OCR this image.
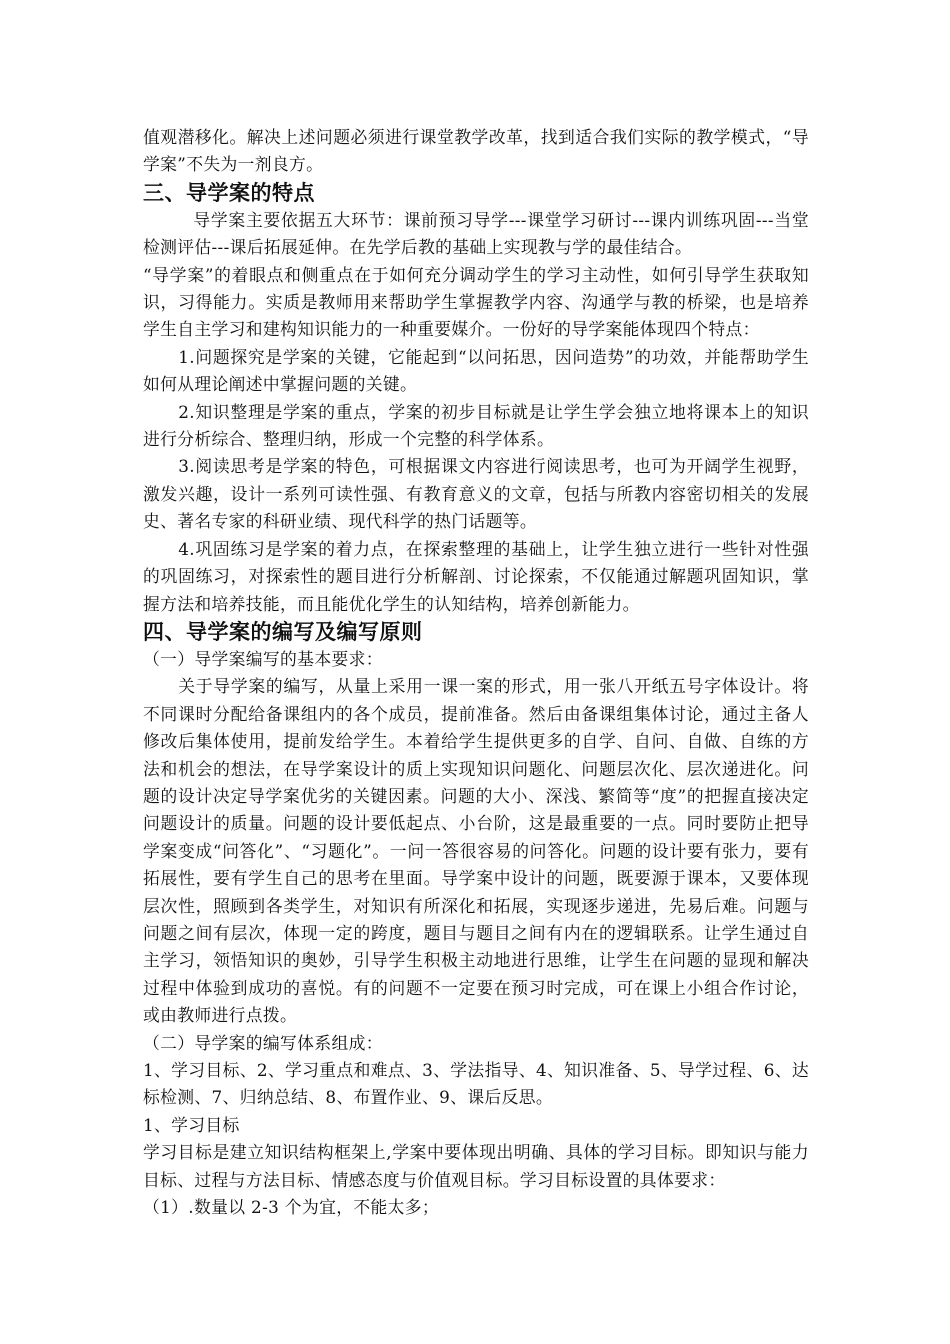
值观潜移化。解决上述问题必须进行课堂教学改革，找到适合我们实际的教学模式，“导学案”不失为一剂良方。

三、导学案的特点

导学案主要依据五大环节：课前预习导学---课堂学习研讨---课内训练巩固---当堂检测评估---课后拓展延伸。在先学后教的基础上实现教与学的最佳结合。

“导学案”的着眼点和侧重点在于如何充分调动学生的学习主动性，如何引导学生获取知识，习得能力。实质是教师用来帮助学生掌握教学内容、沟通学与教的桥梁，也是培养学生自主学习和建构知识能力的一种重要媒介。一份好的导学案能体现四个特点：

1.问题探究是学案的关键，它能起到“以问拓思，因问造势”的功效，并能帮助学生如何从理论阐述中掌握问题的关键。

2.知识整理是学案的重点，学案的初步目标就是让学生学会独立地将课本上的知识进行分析综合、整理归纳，形成一个完整的科学体系。

3.阅读思考是学案的特色，可根据课文内容进行阅读思考，也可为开阔学生视野，激发兴趣，设计一系列可读性强、有教育意义的文章，包括与所教内容密切相关的发展史、著名专家的科研业绩、现代科学的热门话题等。

4.巩固练习是学案的着力点，在探索整理的基础上，让学生独立进行一些针对性强的巩固练习，对探索性的题目进行分析解剖、讨论探索，不仅能通过解题巩固知识，掌握方法和培养技能，而且能优化学生的认知结构，培养创新能力。

四、导学案的编写及编写原则

（一）导学案编写的基本要求：

关于导学案的编写，从量上采用一课一案的形式，用一张八开纸五号字体设计。将不同课时分配给备课组内的各个成员，提前准备。然后由备课组集体讨论，通过主备人修改后集体使用，提前发给学生。本着给学生提供更多的自学、自问、自做、自练的方法和机会的想法，在导学案设计的质上实现知识问题化、问题层次化、层次递进化。问题的设计决定导学案优劣的关键因素。问题的大小、深浅、繁简等“度”的把握直接决定问题设计的质量。问题的设计要低起点、小台阶，这是最重要的一点。同时要防止把导学案变成“问答化”、“习题化”。一问一答很容易的问答化。问题的设计要有张力，要有拓展性，要有学生自己的思考在里面。导学案中设计的问题，既要源于课本，又要体现层次性，照顾到各类学生，对知识有所深化和拓展，实现逐步递进，先易后难。问题与问题之间有层次，体现一定的跨度，题目与题目之间有内在的逻辑联系。让学生通过自主学习，领悟知识的奥妙，引导学生积极主动地进行思维，让学生在问题的显现和解决过程中体验到成功的喜悦。有的问题不一定要在预习时完成，可在课上小组合作讨论，或由教师进行点拨。

（二）导学案的编写体系组成：

1、学习目标、2、学习重点和难点、3、学法指导、4、知识准备、5、导学过程、6、达标检测、7、归纳总结、8、布置作业、9、课后反思。

1、学习目标

学习目标是建立知识结构框架上,学案中要体现出明确、具体的学习目标。即知识与能力目标、过程与方法目标、情感态度与价值观目标。学习目标设置的具体要求：

（1）.数量以 2-3 个为宜，不能太多；
